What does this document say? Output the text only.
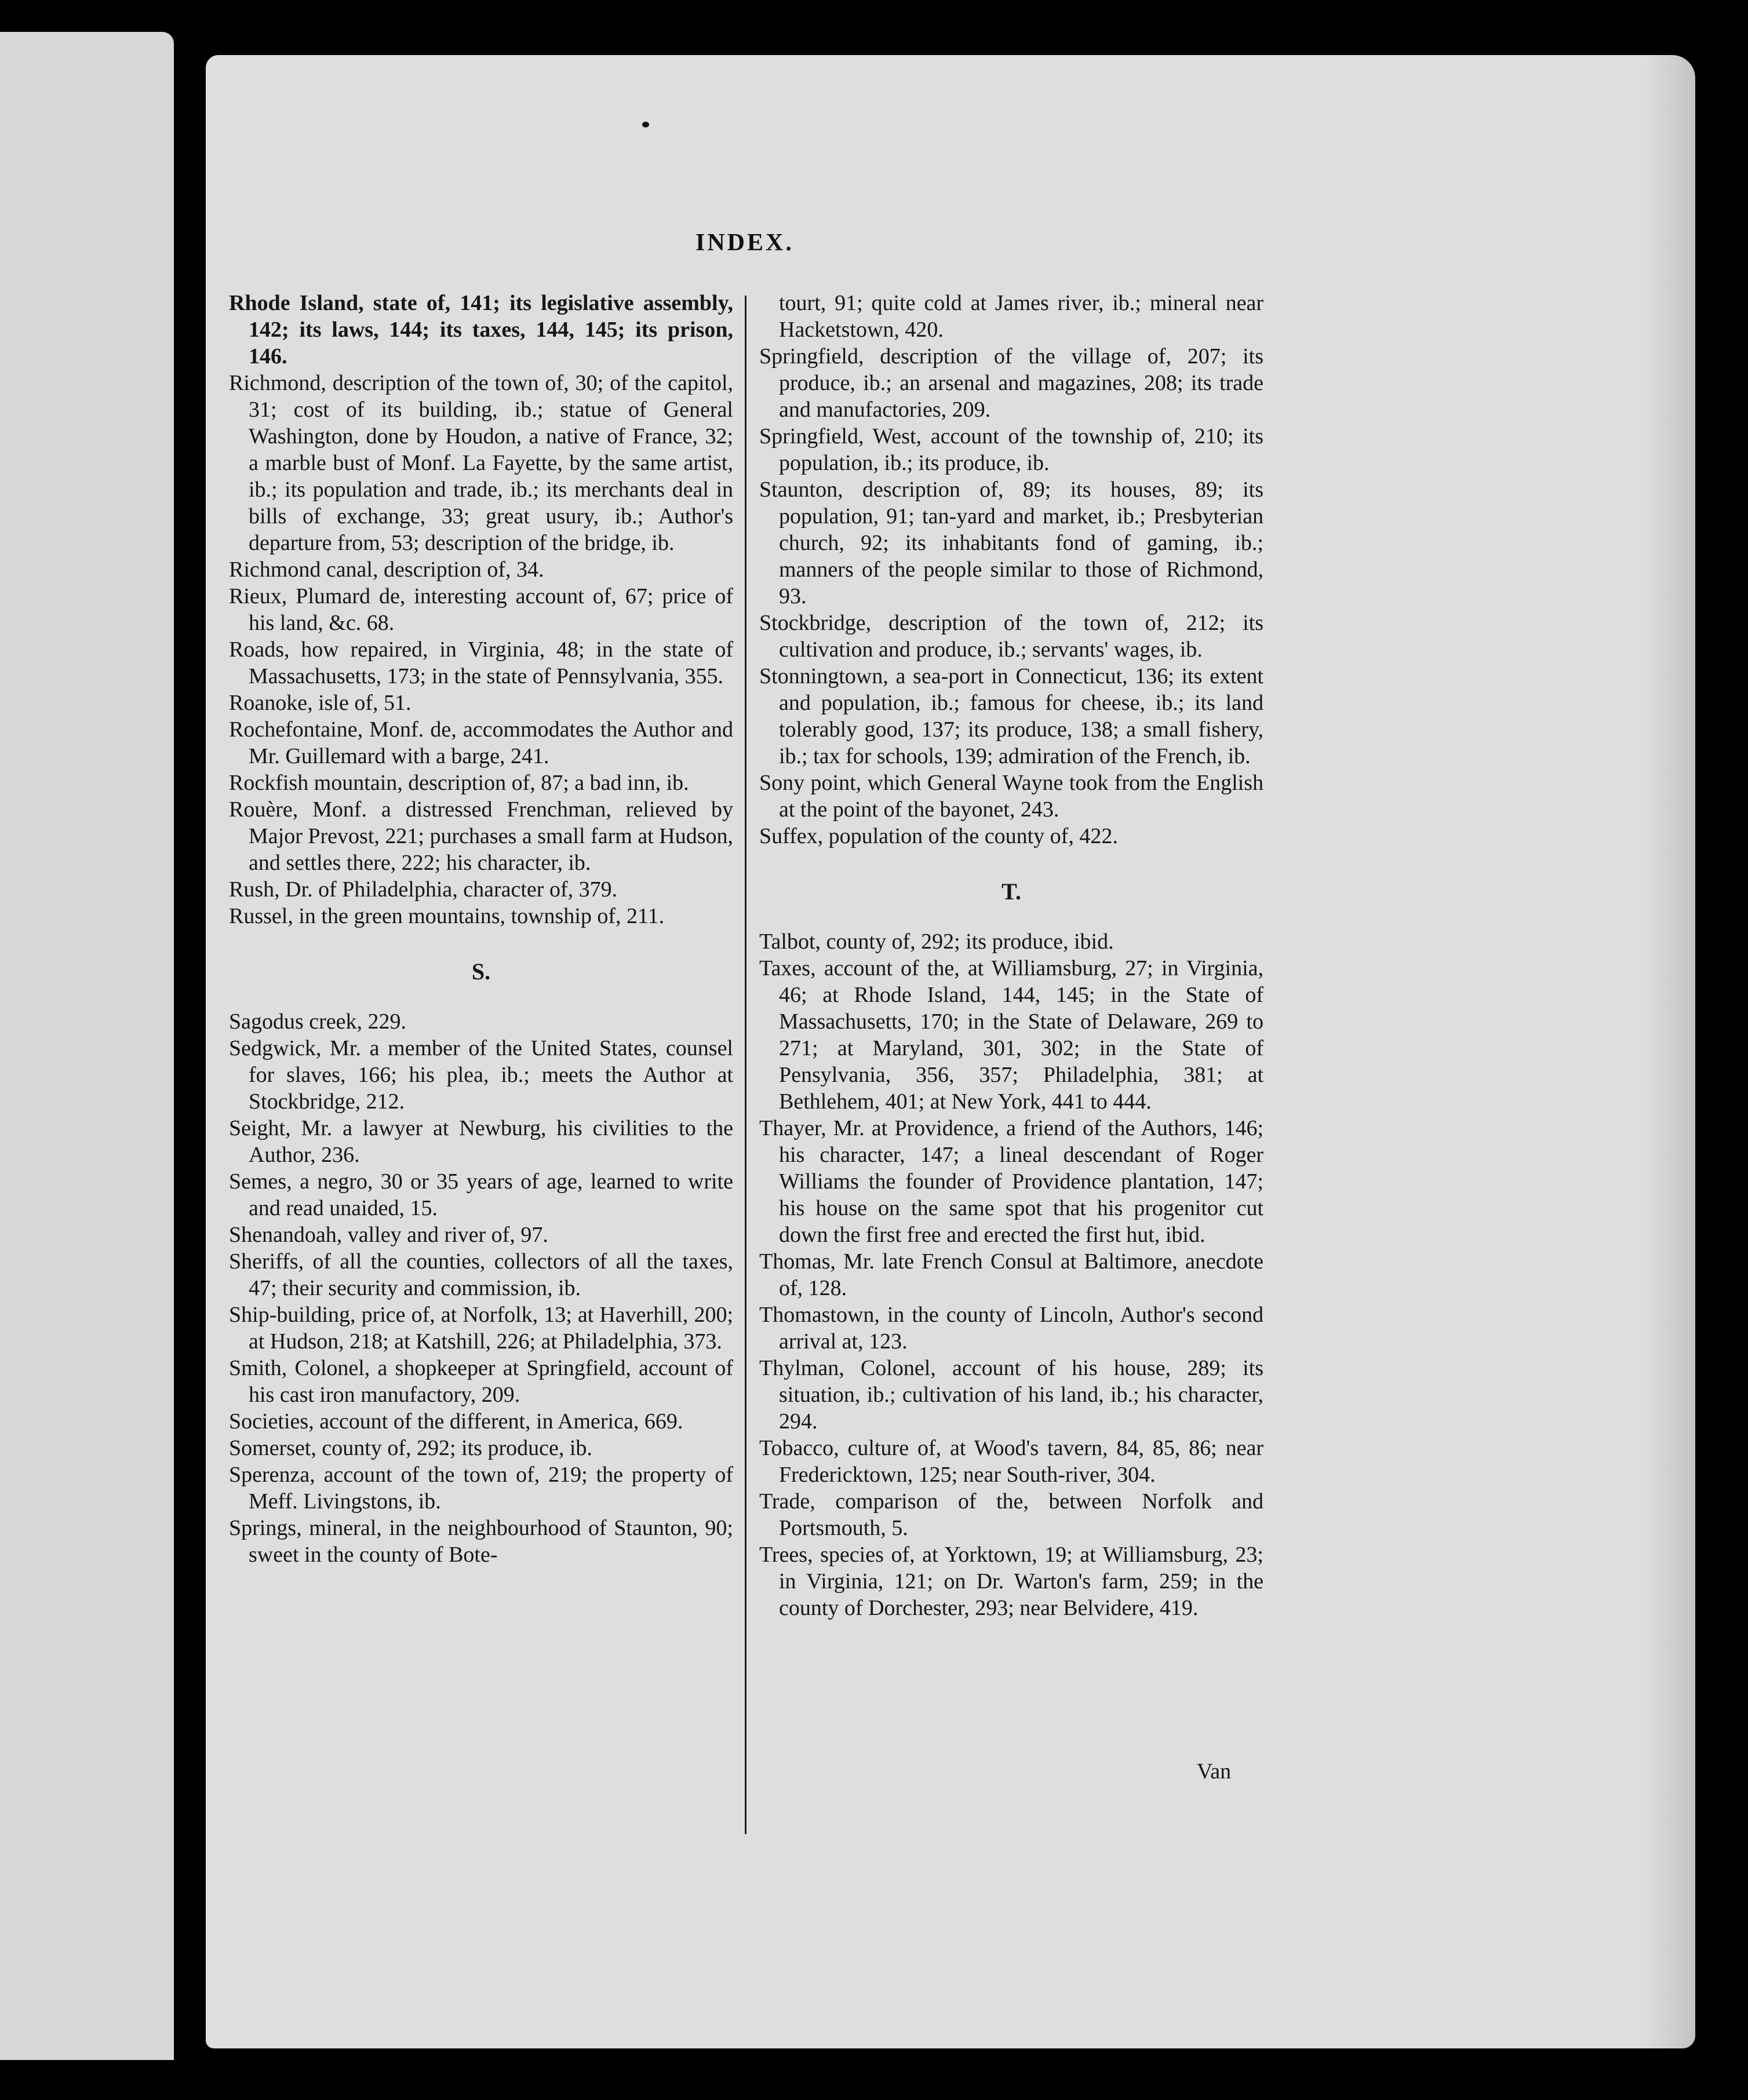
INDEX.

Rhode Island, state of, 141; its legislative assembly, 142; its laws, 144; its taxes, 144, 145; its prison, 146.

Richmond, description of the town of, 30; of the capitol, 31; cost of its building, ib.; statue of General Washington, done by Houdon, a native of France, 32; a marble bust of Monf. La Fayette, by the same artist, ib.; its population and trade, ib.; its merchants deal in bills of exchange, 33; great usury, ib.; Author's departure from, 53; description of the bridge, ib.

Richmond canal, description of, 34.

Rieux, Plumard de, interesting account of, 67; price of his land, &c. 68.

Roads, how repaired, in Virginia, 48; in the state of Massachusetts, 173; in the state of Pennsylvania, 355.

Roanoke, isle of, 51.

Rochefontaine, Monf. de, accommodates the Author and Mr. Guillemard with a barge, 241.

Rockfish mountain, description of, 87; a bad inn, ib.

Rouère, Monf. a distressed Frenchman, relieved by Major Prevost, 221; purchases a small farm at Hudson, and settles there, 222; his character, ib.

Rush, Dr. of Philadelphia, character of, 379.

Russel, in the green mountains, township of, 211.

S.

Sagodus creek, 229.

Sedgwick, Mr. a member of the United States, counsel for slaves, 166; his plea, ib.; meets the Author at Stockbridge, 212.

Seight, Mr. a lawyer at Newburg, his civilities to the Author, 236.

Semes, a negro, 30 or 35 years of age, learned to write and read unaided, 15.

Shenandoah, valley and river of, 97.

Sheriffs, of all the counties, collectors of all the taxes, 47; their security and commission, ib.

Ship-building, price of, at Norfolk, 13; at Haverhill, 200; at Hudson, 218; at Katshill, 226; at Philadelphia, 373.

Smith, Colonel, a shopkeeper at Springfield, account of his cast iron manufactory, 209.

Societies, account of the different, in America, 669.

Somerset, county of, 292; its produce, ib.

Sperenza, account of the town of, 219; the property of Meff. Livingstons, ib.

Springs, mineral, in the neighbourhood of Staunton, 90; sweet in the county of Bote-

tourt, 91; quite cold at James river, ib.; mineral near Hacketstown, 420.

Springfield, description of the village of, 207; its produce, ib.; an arsenal and magazines, 208; its trade and manufactories, 209.

Springfield, West, account of the township of, 210; its population, ib.; its produce, ib.

Staunton, description of, 89; its houses, 89; its population, 91; tan-yard and market, ib.; Presbyterian church, 92; its inhabitants fond of gaming, ib.; manners of the people similar to those of Richmond, 93.

Stockbridge, description of the town of, 212; its cultivation and produce, ib.; servants' wages, ib.

Stonningtown, a sea-port in Connecticut, 136; its extent and population, ib.; famous for cheese, ib.; its land tolerably good, 137; its produce, 138; a small fishery, ib.; tax for schools, 139; admiration of the French, ib.

Sony point, which General Wayne took from the English at the point of the bayonet, 243.

Suffex, population of the county of, 422.

T.

Talbot, county of, 292; its produce, ibid.

Taxes, account of the, at Williamsburg, 27; in Virginia, 46; at Rhode Island, 144, 145; in the State of Massachusetts, 170; in the State of Delaware, 269 to 271; at Maryland, 301, 302; in the State of Pensylvania, 356, 357; Philadelphia, 381; at Bethlehem, 401; at New York, 441 to 444.

Thayer, Mr. at Providence, a friend of the Authors, 146; his character, 147; a lineal descendant of Roger Williams the founder of Providence plantation, 147; his house on the same spot that his progenitor cut down the first free and erected the first hut, ibid.

Thomas, Mr. late French Consul at Baltimore, anecdote of, 128.

Thomastown, in the county of Lincoln, Author's second arrival at, 123.

Thylman, Colonel, account of his house, 289; its situation, ib.; cultivation of his land, ib.; his character, 294.

Tobacco, culture of, at Wood's tavern, 84, 85, 86; near Fredericktown, 125; near South-river, 304.

Trade, comparison of the, between Norfolk and Portsmouth, 5.

Trees, species of, at Yorktown, 19; at Williamsburg, 23; in Virginia, 121; on Dr. Warton's farm, 259; in the county of Dorchester, 293; near Belvidere, 419.

Van
